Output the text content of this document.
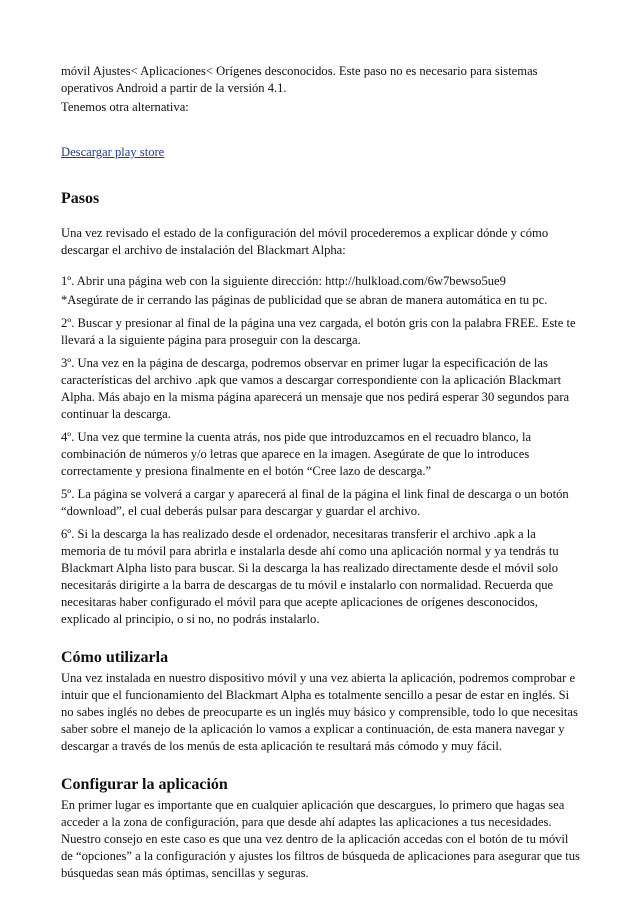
móvil Ajustes< Aplicaciones< Orígenes desconocidos. Este paso no es necesario para sistemas operativos Android a partir de la versión 4.1.

Tenemos otra alternativa:

Descargar play store

Pasos

Una vez revisado el estado de la configuración del móvil procederemos a explicar dónde y cómo descargar el archivo de instalación del Blackmart Alpha:

1º. Abrir una página web con la siguiente dirección: http://hulkload.com/6w7bewso5ue9

*Asegúrate de ir cerrando las páginas de publicidad que se abran de manera automática en tu pc.

2º. Buscar y presionar al final de la página una vez cargada, el botón gris con la palabra FREE. Este te llevará a la siguiente página para proseguir con la descarga.

3º. Una vez en la página de descarga, podremos observar en primer lugar la especificación de las características del archivo .apk que vamos a descargar correspondiente con la aplicación Blackmart Alpha. Más abajo en la misma página aparecerá un mensaje que nos pedirá esperar 30 segundos para continuar la descarga.

4º. Una vez que termine la cuenta atrás, nos pide que introduzcamos en el recuadro blanco, la combinación de números y/o letras que aparece en la imagen. Asegúrate de que lo introduces correctamente y presiona finalmente en el botón “Cree lazo de descarga.”

5º. La página se volverá a cargar y aparecerá al final de la página el link final de descarga o un botón “download”, el cual deberás pulsar para descargar y guardar el archivo.

6º. Si la descarga la has realizado desde el ordenador, necesitaras transferir el archivo .apk a la memoria de tu móvil para abrirla e instalarla desde ahí como una aplicación normal y ya tendrás tu Blackmart Alpha listo para buscar. Si la descarga la has realizado directamente desde el móvil solo necesitarás dirigirte a la barra de descargas de tu móvil e instalarlo con normalidad. Recuerda que necesitaras haber configurado el móvil para que acepte aplicaciones de orígenes desconocidos, explicado al principio, o si no, no podrás instalarlo.

Cómo utilizarla

Una vez instalada en nuestro dispositivo móvil y una vez abierta la aplicación, podremos comprobar e intuir que el funcionamiento del Blackmart Alpha es totalmente sencillo a pesar de estar en inglés. Si no sabes inglés no debes de preocuparte es un inglés muy básico y comprensible, todo lo que necesitas saber sobre el manejo de la aplicación lo vamos a explicar a continuación, de esta manera navegar y descargar a través de los menús de esta aplicación te resultará más cómodo y muy fácil.

Configurar la aplicación

En primer lugar es importante que en cualquier aplicación que descargues, lo primero que hagas sea acceder a la zona de configuración, para que desde ahí adaptes las aplicaciones a tus necesidades. Nuestro consejo en este caso es que una vez dentro de la aplicación accedas con el botón de tu móvil de “opciones” a la configuración y ajustes los filtros de búsqueda de aplicaciones para asegurar que tus búsquedas sean más óptimas, sencillas y seguras.
